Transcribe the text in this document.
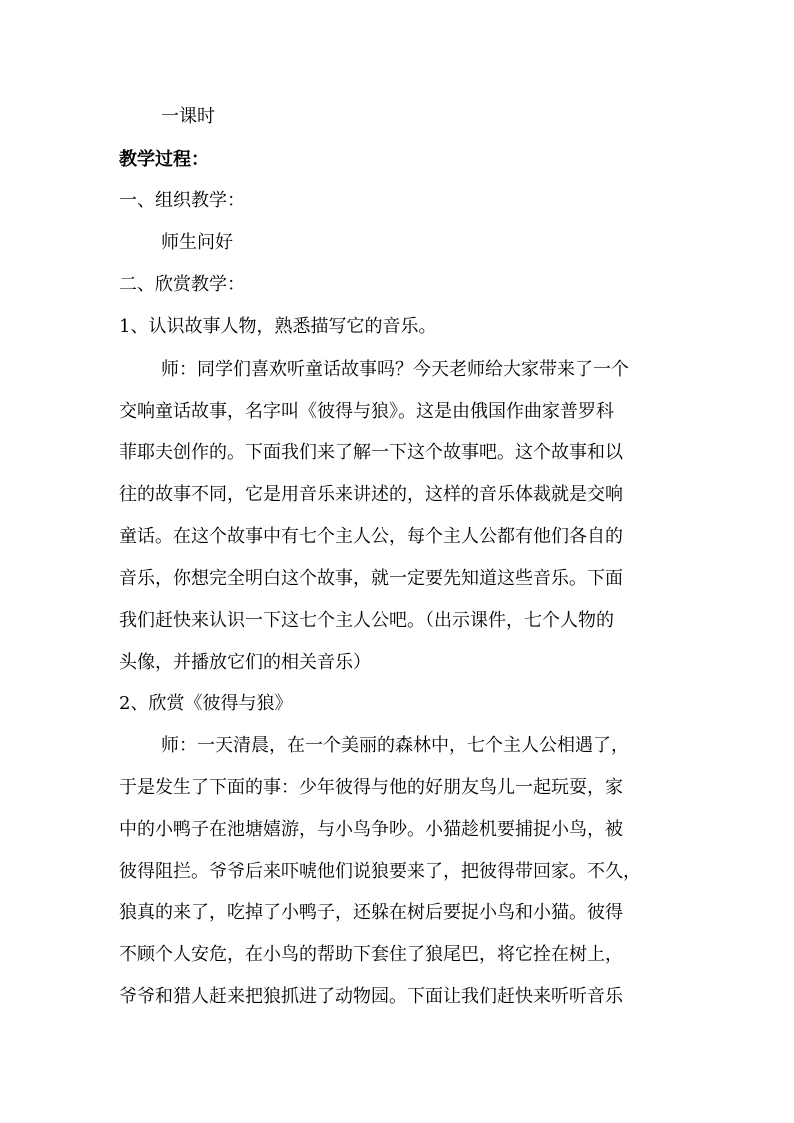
一课时
教学过程：
一、组织教学：
师生问好
二、欣赏教学：
1、认识故事人物，熟悉描写它的音乐。
师：同学们喜欢听童话故事吗？今天老师给大家带来了一个
交响童话故事，名字叫《彼得与狼》。这是由俄国作曲家普罗科
菲耶夫创作的。下面我们来了解一下这个故事吧。这个故事和以
往的故事不同，它是用音乐来讲述的，这样的音乐体裁就是交响
童话。在这个故事中有七个主人公，每个主人公都有他们各自的
音乐，你想完全明白这个故事，就一定要先知道这些音乐。下面
我们赶快来认识一下这七个主人公吧。（出示课件，七个人物的
头像，并播放它们的相关音乐）
2、欣赏《彼得与狼》
师：一天清晨，在一个美丽的森林中，七个主人公相遇了，
于是发生了下面的事：少年彼得与他的好朋友鸟儿一起玩耍，家
中的小鸭子在池塘嬉游，与小鸟争吵。小猫趁机要捕捉小鸟，被
彼得阻拦。爷爷后来吓唬他们说狼要来了，把彼得带回家。不久，
狼真的来了，吃掉了小鸭子，还躲在树后要捉小鸟和小猫。彼得
不顾个人安危，在小鸟的帮助下套住了狼尾巴，将它拴在树上，
爷爷和猎人赶来把狼抓进了动物园。下面让我们赶快来听听音乐
